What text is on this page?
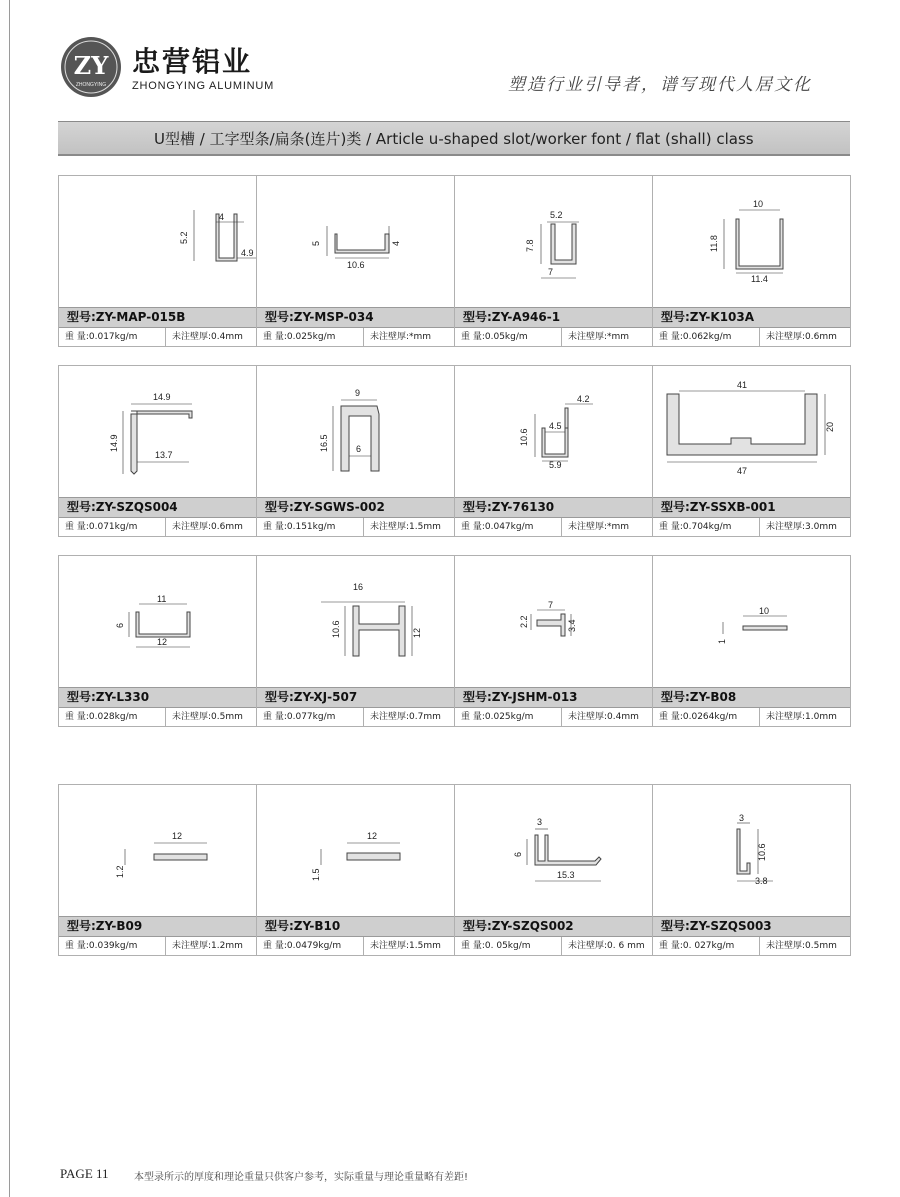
ZY
ZHONGYING
忠营铝业
ZHONGYING ALUMINUM	塑造行业引导者，谱写现代人居文化
U型槽 / 工字型条/扁条(连片)类 / Article u-shaped slot/worker font / flat (shall) class
4
5.2
4.9
型号:ZY-MAP-015B
重 量:0.017kg/m	未注壁厚:0.4mm
5
10.6
4
型号:ZY-MSP-034
重 量:0.025kg/m	未注壁厚:*mm
5.2
7.8
7
型号:ZY-A946-1
重 量:0.05kg/m	未注壁厚:*mm
10
11.8
11.4
型号:ZY-K103A
重 量:0.062kg/m	未注壁厚:0.6mm
14.9
14.9
13.7
型号:ZY-SZQS004
重 量:0.071kg/m	未注壁厚:0.6mm
9
16.5	6
型号:ZY-SGWS-002
重 量:0.151kg/m	未注壁厚:1.5mm
4.2
10.6
4.5
5.9
型号:ZY-76130
重 量:0.047kg/m	未注壁厚:*mm
41
20
47
型号:ZY-SSXB-001
重 量:0.704kg/m	未注壁厚:3.0mm
11
6
12
型号:ZY-L330
重 量:0.028kg/m	未注壁厚:0.5mm
16
10.6	12
型号:ZY-XJ-507
重 量:0.077kg/m	未注壁厚:0.7mm
7
2.2	3.4
型号:ZY-JSHM-013
重 量:0.025kg/m	未注壁厚:0.4mm
10
1
型号:ZY-B08
重 量:0.0264kg/m	未注壁厚:1.0mm
12
1.2
型号:ZY-B09
重 量:0.039kg/m	未注壁厚:1.2mm
12
1.5
型号:ZY-B10
重 量:0.0479kg/m	未注壁厚:1.5mm
3
6
15.3
型号:ZY-SZQS002
重 量:0. 05kg/m	未注壁厚:0. 6 mm
3
10.6
3.8
型号:ZY-SZQS003
重 量:0. 027kg/m	未注壁厚:0.5mm
PAGE 11	本型录所示的厚度和理论重量只供客户参考，实际重量与理论重量略有差距!
